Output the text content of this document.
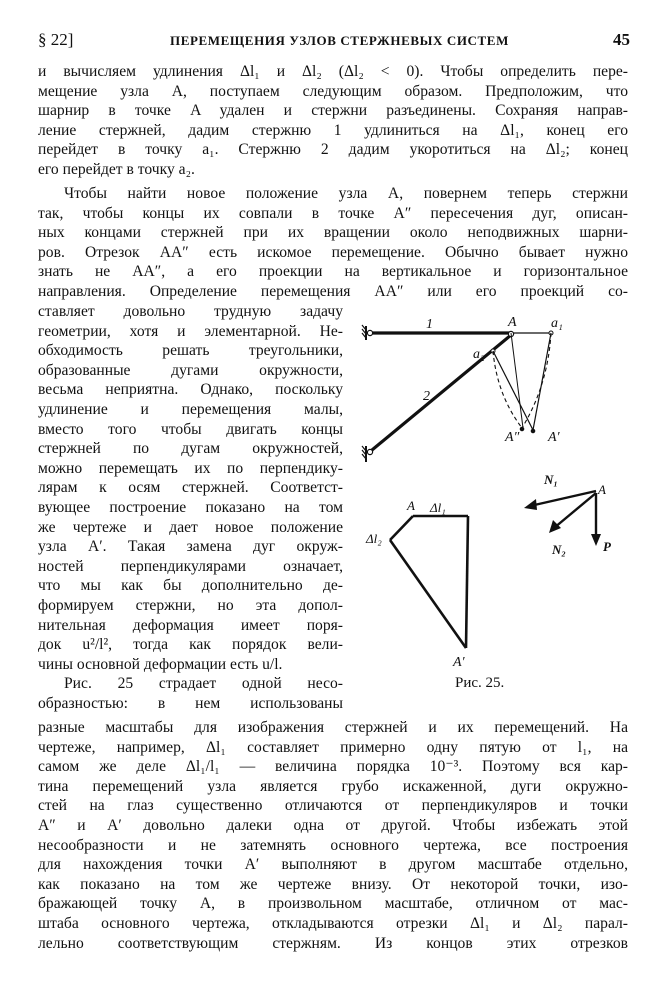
§ 22]	ПЕРЕМЕЩЕНИЯ УЗЛОВ СТЕРЖНЕВЫХ СИСТЕМ	45
и вычисляем удлинения Δl₁ и Δl₂ (Δl₂ < 0). Чтобы определить пере-
мещение узла A, поступаем следующим образом. Предположим, что
шарнир в точке A удален и стержни разъединены. Сохраняя направ-
ление стержней, дадим стержню 1 удлиниться на Δl₁, конец его
перейдет в точку a₁. Стержню 2 дадим укоротиться на Δl₂; конец
его перейдет в точку a₂.
Чтобы найти новое положение узла A, повернем теперь стержни
так, чтобы концы их совпали в точке A″ пересечения дуг, описан-
ных концами стержней при их вращении около неподвижных шарни-
ров. Отрезок AA″ есть искомое перемещение. Обычно бывает нужно
знать не AA″, а его проекции на вертикальное и горизонтальное
направления. Определение перемещения AA″ или его проекций со-
ставляет довольно трудную задачу
геометрии, хотя и элементарной. Не-
обходимость решать треугольники,
образованные дугами окружности,
весьма неприятна. Однако, поскольку
удлинение и перемещения малы,
вместо того чтобы двигать концы
стержней по дугам окружностей,
можно перемещать их по перпендику-
лярам к осям стержней. Соответст-
вующее построение показано на том
же чертеже и дает новое положение
узла A′. Такая замена дуг окруж-
ностей перпендикулярами означает,
что мы как бы дополнительно де-
формируем стержни, но эта допол-
нительная деформация имеет поря-
док u²/l², тогда как порядок вели-
чины основной деформации есть u/l.
Рис. 25 страдает одной несо-
образностью: в нем использованы
разные масштабы для изображения стержней и их перемещений. На
чертеже, например, Δl₁ составляет примерно одну пятую от l₁, на
самом же деле Δl₁/l₁ — величина порядка 10⁻³. Поэтому вся кар-
тина перемещений узла является грубо искаженной, дуги окружно-
стей на глаз существенно отличаются от перпендикуляров и точки
A″ и A′ довольно далеки одна от другой. Чтобы избежать этой
несообразности и не затемнять основного чертежа, все построения
для нахождения точки A′ выполняют в другом масштабе отдельно,
как показано на том же чертеже внизу. От некоторой точки, изо-
бражающей точку A, в произвольном масштабе, отличном от мас-
штаба основного чертежа, откладываются отрезки Δl₁ и Δl₂ парал-
лельно соответствующим стержням. Из концов этих отрезков
1
2
A a₁
a₂
A″ A′
N₁
A
N₂	P
A Δl₁
Δl₂
A′
Рис. 25.
